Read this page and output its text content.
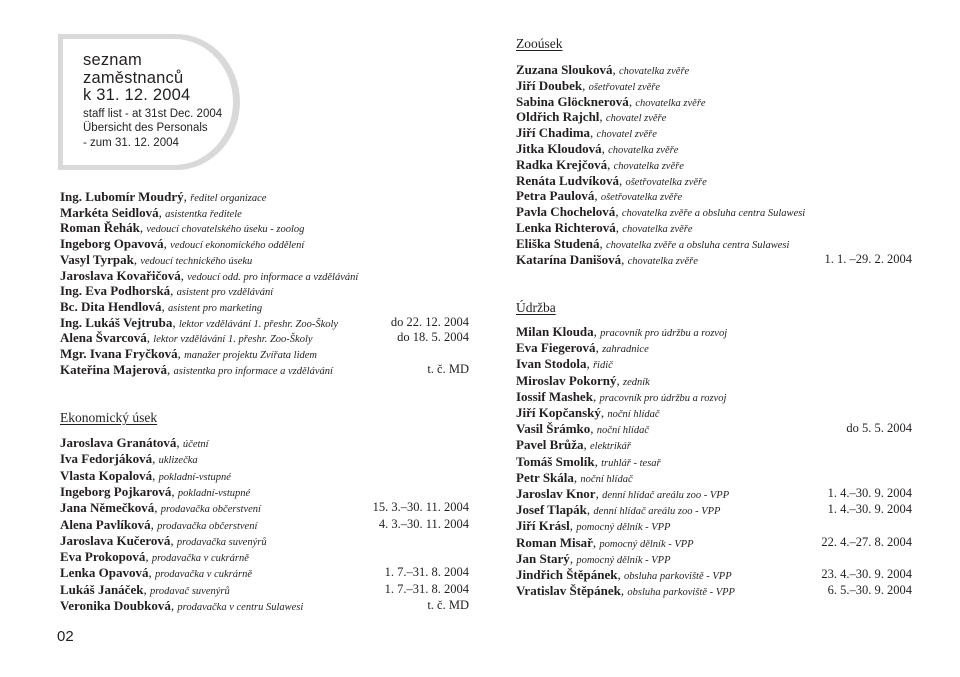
seznam
zaměstnanců
k 31. 12. 2004
staff list - at 31st Dec. 2004
Übersicht des Personals
- zum 31. 12. 2004
Ing. Lubomír Moudrý, ředitel organizace
Markéta Seidlová, asistentka ředitele
Roman Řehák, vedoucí chovatelského úseku - zoolog
Ingeborg Opavová, vedoucí ekonomického oddělení
Vasyl Tyrpak, vedoucí technického úseku
Jaroslava Kovařičová, vedoucí odd. pro informace a vzdělávání
Ing. Eva Podhorská, asistent pro vzdělávání
Bc. Dita Hendlová, asistent pro marketing
Ing. Lukáš Vejtruba, lektor vzdělávání 1. přeshr. Zoo-Školy	do 22. 12. 2004
Alena Švarcová, lektor vzdělávání 1. přeshr. Zoo-Školy	do 18. 5. 2004
Mgr. Ivana Fryčková, manažer projektu Zvířata lidem
Kateřina Majerová, asistentka pro informace a vzdělávání	t. č. MD
Ekonomický úsek
Jaroslava Granátová, účetní
Iva Fedorjáková, uklizečka
Vlasta Kopalová, pokladní-vstupné
Ingeborg Pojkarová, pokladní-vstupné
Jana Němečková, prodavačka občerstvení	15. 3.–30. 11. 2004
Alena Pavlíková, prodavačka občerstvení	4. 3.–30. 11. 2004
Jaroslava Kučerová, prodavačka suvenýrů
Eva Prokopová, prodavačka v cukrárně
Lenka Opavová, prodavačka v cukrárně	1. 7.–31. 8. 2004
Lukáš Janáček, prodavač suvenýrů	1. 7.–31. 8. 2004
Veronika Doubková, prodavačka v centru Sulawesi	t. č. MD
Zooúsek
Zuzana Slouková, chovatelka zvěře
Jiří Doubek, ošetřovatel zvěře
Sabina Glöcknerová, chovatelka zvěře
Oldřich Rajchl, chovatel zvěře
Jiří Chadima, chovatel zvěře
Jitka Kloudová, chovatelka zvěře
Radka Krejčová, chovatelka zvěře
Renáta Ludvíková, ošetřovatelka zvěře
Petra Paulová, ošetřovatelka zvěře
Pavla Chochelová, chovatelka zvěře a obsluha centra Sulawesi
Lenka Richterová, chovatelka zvěře
Eliška Studená, chovatelka zvěře a obsluha centra Sulawesi
Katarína Danišová, chovatelka zvěře	1. 1. –29. 2. 2004
Údržba
Milan Klouda, pracovník pro údržbu a rozvoj
Eva Fiegerová, zahradnice
Ivan Stodola, řidič
Miroslav Pokorný, zedník
Iossif Mashek, pracovník pro údržbu a rozvoj
Jiří Kopčanský, noční hlídač
Vasil Šrámko, noční hlídač	do 5. 5. 2004
Pavel Brůža, elektrikář
Tomáš Smolík, truhlář - tesař
Petr Skála, noční hlídač
Jaroslav Knor, denní hlídač areálu zoo - VPP	1. 4.–30. 9. 2004
Josef Tlapák, denní hlídač areálu zoo - VPP	1. 4.–30. 9. 2004
Jiří Krásl, pomocný dělník - VPP
Roman Misař, pomocný dělník - VPP	22. 4.–27. 8. 2004
Jan Starý, pomocný dělník - VPP
Jindřich Štěpánek, obsluha parkoviště - VPP	23. 4.–30. 9. 2004
Vratislav Štěpánek, obsluha parkoviště - VPP	6. 5.–30. 9. 2004
02
